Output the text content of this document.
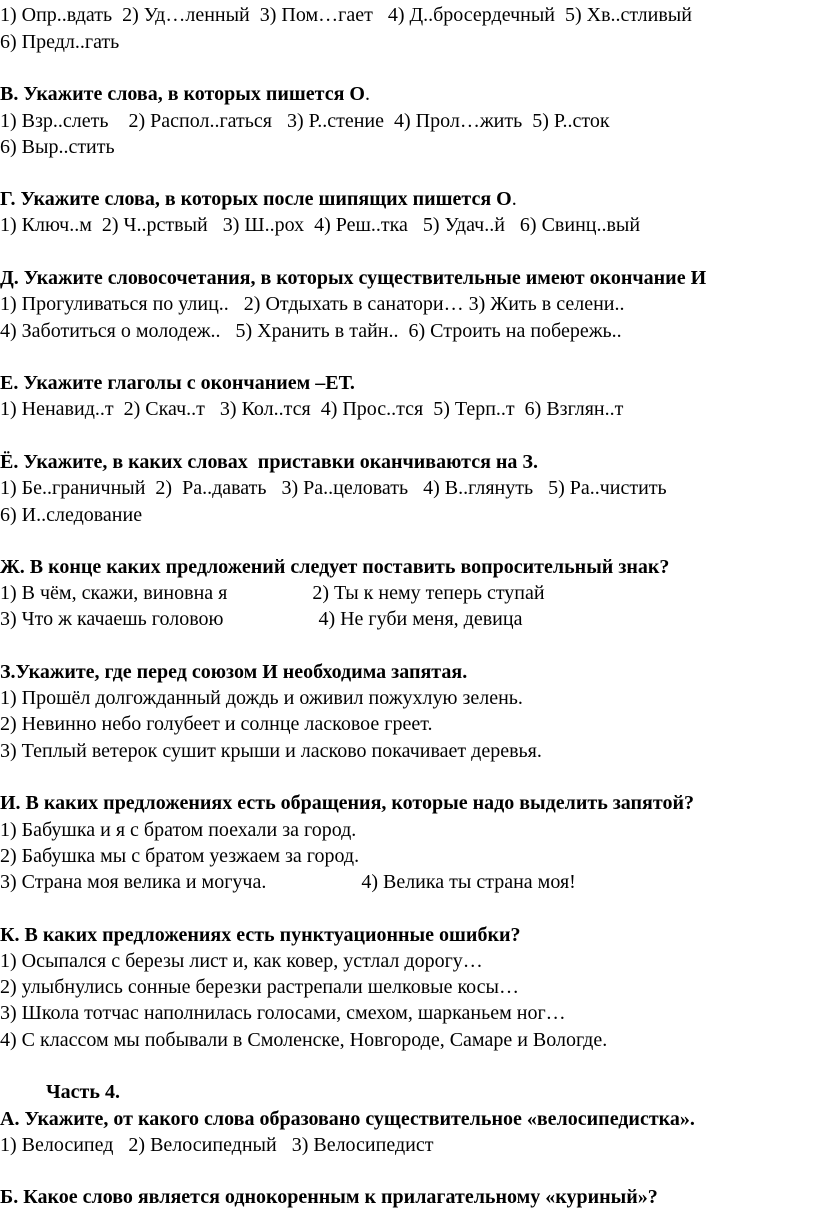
1) Опр..вдать  2) Уд…ленный  3) Пом…гает   4) Д..бросердечный  5) Хв..стливый
6) Предл..гать
В. Укажите слова, в которых пишется О.
1) Взр..слеть    2) Распол..гаться   3) Р..стение  4) Прол…жить  5) Р..сток
6) Выр..стить
Г. Укажите слова, в которых после шипящих пишется О.
1) Ключ..м  2) Ч..рствый   3) Ш..рох  4) Реш..тка   5) Удач..й   6) Свинц..вый
Д. Укажите словосочетания, в которых существительные имеют окончание И
1) Прогуливаться по улиц..   2) Отдыхать в санатори… 3) Жить в селени..
4) Заботиться о молодеж..   5) Хранить в тайн..  6) Строить на побережь..
Е. Укажите глаголы с окончанием –ЕТ.
1) Ненавид..т  2) Скач..т   3) Кол..тся  4) Прос..тся  5) Терп..т  6) Взглян..т
Ё. Укажите, в каких словах  приставки оканчиваются на З.
1) Бе..граничный  2)  Ра..давать   3) Ра..целовать   4) В..глянуть   5) Ра..чистить
6) И..следование
Ж. В конце каких предложений следует поставить вопросительный знак?
1) В чём, скажи, виновна я                 2) Ты к нему теперь ступай
3) Что ж качаешь головою                   4) Не губи меня, девица
З.Укажите, где перед союзом И необходима запятая.
1) Прошёл долгожданный дождь и оживил пожухлую зелень.
2) Невинно небо голубеет и солнце ласковое греет.
3) Теплый ветерок сушит крыши и ласково покачивает деревья.
И. В каких предложениях есть обращения, которые надо выделить запятой?
1) Бабушка и я с братом поехали за город.
2) Бабушка мы с братом уезжаем за город.
3) Страна моя велика и могуча.                   4) Велика ты страна моя!
К. В каких предложениях есть пунктуационные ошибки?
1) Осыпался с березы лист и, как ковер, устлал дорогу…
2) улыбнулись сонные березки растрепали шелковые косы…
3) Школа тотчас наполнилась голосами, смехом, шарканьем ног…
4) С классом мы побывали в Смоленске, Новгороде, Самаре и Вологде.
Часть 4.
А. Укажите, от какого слова образовано существительное «велосипедистка».
1) Велосипед   2) Велосипедный   3) Велосипедист
Б. Какое слово является однокоренным к прилагательному «куриный»?
